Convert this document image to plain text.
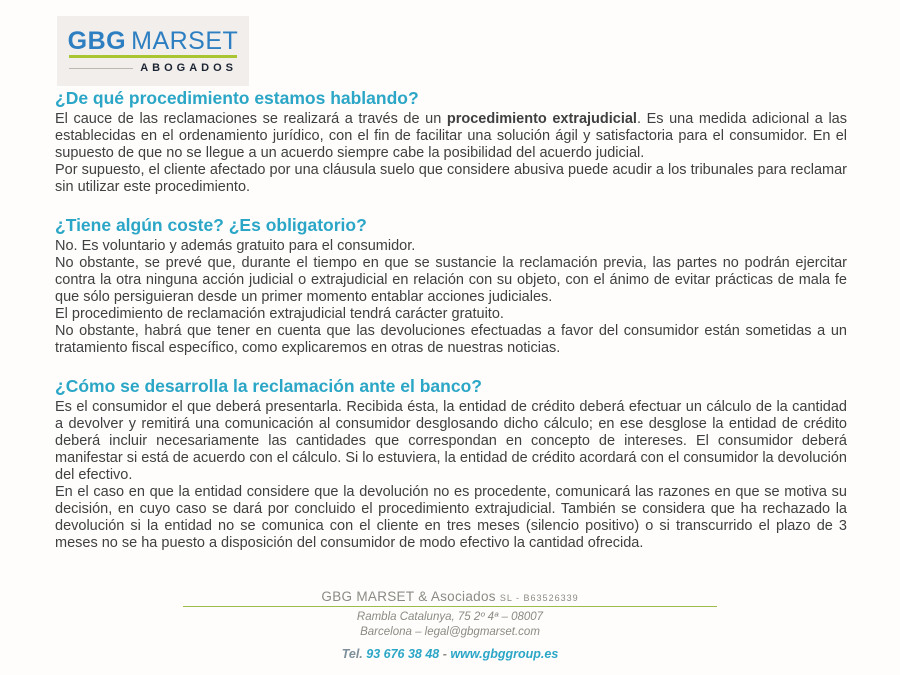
GBG MARSET
ABOGADOS
¿De qué procedimiento estamos hablando?

El cauce de las reclamaciones se realizará a través de un procedimiento extrajudicial. Es una medida adicional a las establecidas en el ordenamiento jurídico, con el fin de facilitar una solución ágil y satisfactoria para el consumidor. En el supuesto de que no se llegue a un acuerdo siempre cabe la posibilidad del acuerdo judicial.

Por supuesto, el cliente afectado por una cláusula suelo que considere abusiva puede acudir a los tribunales para reclamar sin utilizar este procedimiento.

¿Tiene algún coste? ¿Es obligatorio?

No. Es voluntario y además gratuito para el consumidor.

No obstante, se prevé que, durante el tiempo en que se sustancie la reclamación previa, las partes no podrán ejercitar contra la otra ninguna acción judicial o extrajudicial en relación con su objeto, con el ánimo de evitar prácticas de mala fe que sólo persiguieran desde un primer momento entablar acciones judiciales.

El procedimiento de reclamación extrajudicial tendrá carácter gratuito.

No obstante, habrá que tener en cuenta que las devoluciones efectuadas a favor del consumidor están sometidas a un tratamiento fiscal específico, como explicaremos en otras de nuestras noticias.

¿Cómo se desarrolla la reclamación ante el banco?

Es el consumidor el que deberá presentarla. Recibida ésta, la entidad de crédito deberá efectuar un cálculo de la cantidad a devolver y remitirá una comunicación al consumidor desglosando dicho cálculo; en ese desglose la entidad de crédito deberá incluir necesariamente las cantidades que correspondan en concepto de intereses. El consumidor deberá manifestar si está de acuerdo con el cálculo. Si lo estuviera, la entidad de crédito acordará con el consumidor la devolución del efectivo.

En el caso en que la entidad considere que la devolución no es procedente, comunicará las razones en que se motiva su decisión, en cuyo caso se dará por concluido el procedimiento extrajudicial. También se considera que ha rechazado la devolución si la entidad no se comunica con el cliente en tres meses (silencio positivo) o si transcurrido el plazo de 3 meses no se ha puesto a disposición del consumidor de modo efectivo la cantidad ofrecida.

GBG MARSET & Asociados SL - B63526339
Rambla Catalunya, 75 2º 4ª – 08007
Barcelona – legal@gbgmarset.com
Tel. 93 676 38 48 - www.gbggroup.es
